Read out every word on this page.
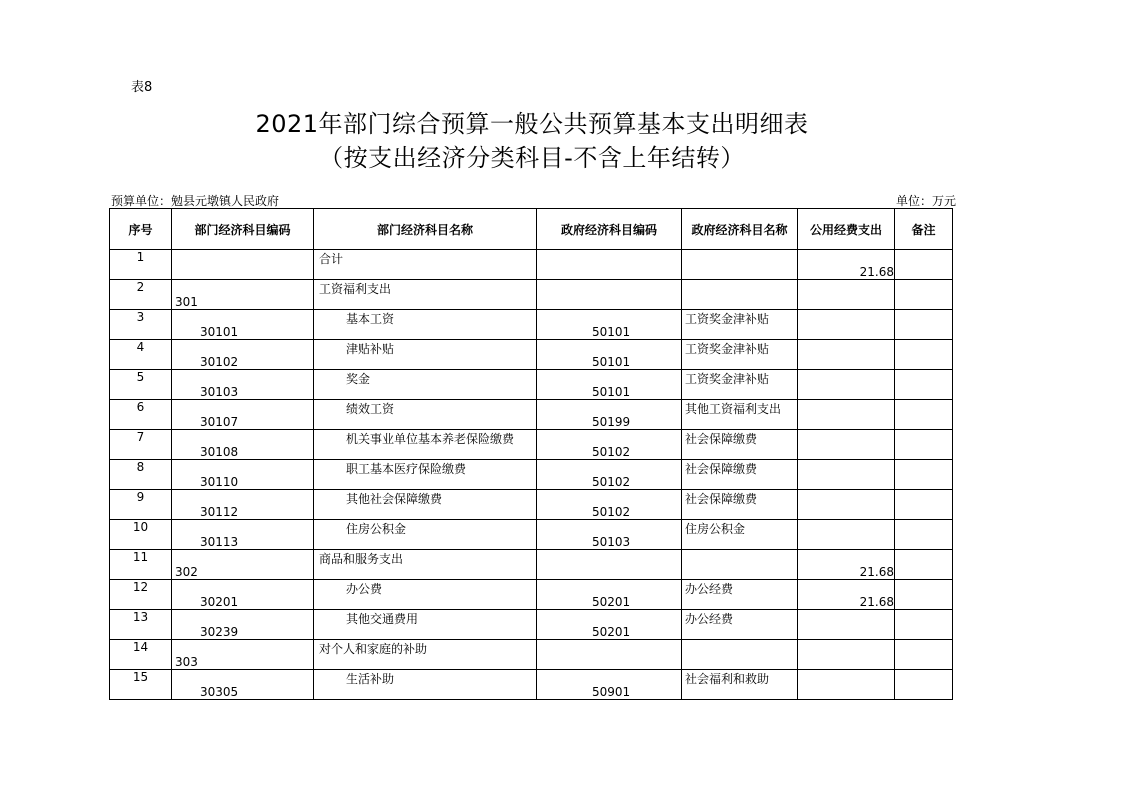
表8
2021年部门综合预算一般公共预算基本支出明细表
（按支出经济分类科目-不含上年结转）
预算单位：勉县元墩镇人民政府	单位：万元
序号	部门经济科目编码	部门经济科目名称	政府经济科目编码	政府经济科目名称	公用经费支出	备注
1		合计			21.68	
2	301	工资福利支出				
3	30101	基本工资	50101	工资奖金津补贴		
4	30102	津贴补贴	50101	工资奖金津补贴		
5	30103	奖金	50101	工资奖金津补贴		
6	30107	绩效工资	50199	其他工资福利支出		
7	30108	机关事业单位基本养老保险缴费	50102	社会保障缴费		
8	30110	职工基本医疗保险缴费	50102	社会保障缴费		
9	30112	其他社会保障缴费	50102	社会保障缴费		
10	30113	住房公积金	50103	住房公积金		
11	302	商品和服务支出			21.68	
12	30201	办公费	50201	办公经费	21.68	
13	30239	其他交通费用	50201	办公经费		
14	303	对个人和家庭的补助				
15	30305	生活补助	50901	社会福利和救助		
